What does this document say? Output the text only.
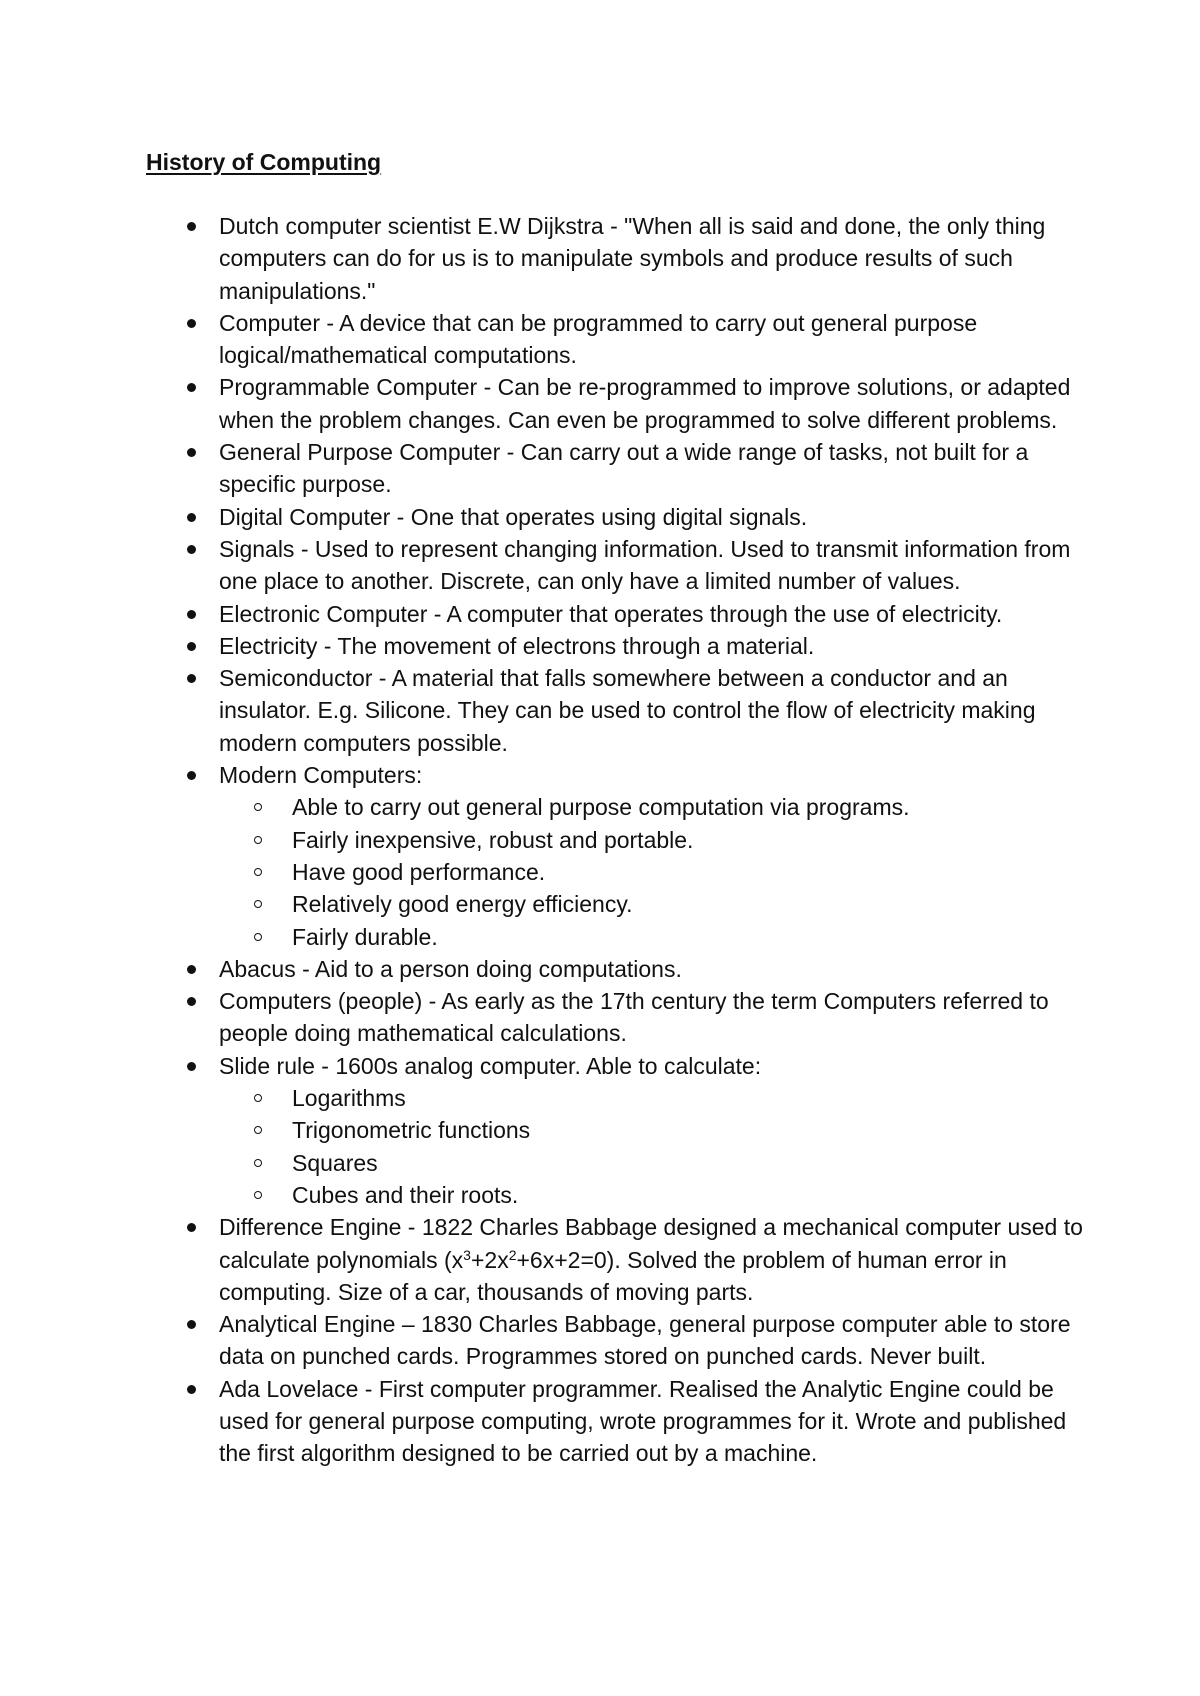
History of Computing
Dutch computer scientist E.W Dijkstra - "When all is said and done, the only thing computers can do for us is to manipulate symbols and produce results of such manipulations."
Computer - A device that can be programmed to carry out general purpose logical/mathematical computations.
Programmable Computer - Can be re-programmed to improve solutions, or adapted when the problem changes. Can even be programmed to solve different problems.
General Purpose Computer - Can carry out a wide range of tasks, not built for a specific purpose.
Digital Computer - One that operates using digital signals.
Signals - Used to represent changing information. Used to transmit information from one place to another. Discrete, can only have a limited number of values.
Electronic Computer - A computer that operates through the use of electricity.
Electricity - The movement of electrons through a material.
Semiconductor - A material that falls somewhere between a conductor and an insulator. E.g. Silicone. They can be used to control the flow of electricity making modern computers possible.
Modern Computers:
Able to carry out general purpose computation via programs.
Fairly inexpensive, robust and portable.
Have good performance.
Relatively good energy efficiency.
Fairly durable.
Abacus - Aid to a person doing computations.
Computers (people) - As early as the 17th century the term Computers referred to people doing mathematical calculations.
Slide rule - 1600s analog computer. Able to calculate:
Logarithms
Trigonometric functions
Squares
Cubes and their roots.
Difference Engine - 1822 Charles Babbage designed a mechanical computer used to calculate polynomials $(x^3+2x^2+6x+2=0)$. Solved the problem of human error in computing. Size of a car, thousands of moving parts.
Analytical Engine – 1830 Charles Babbage, general purpose computer able to store data on punched cards. Programmes stored on punched cards. Never built.
Ada Lovelace - First computer programmer. Realised the Analytic Engine could be used for general purpose computing, wrote programmes for it. Wrote and published the first algorithm designed to be carried out by a machine.
